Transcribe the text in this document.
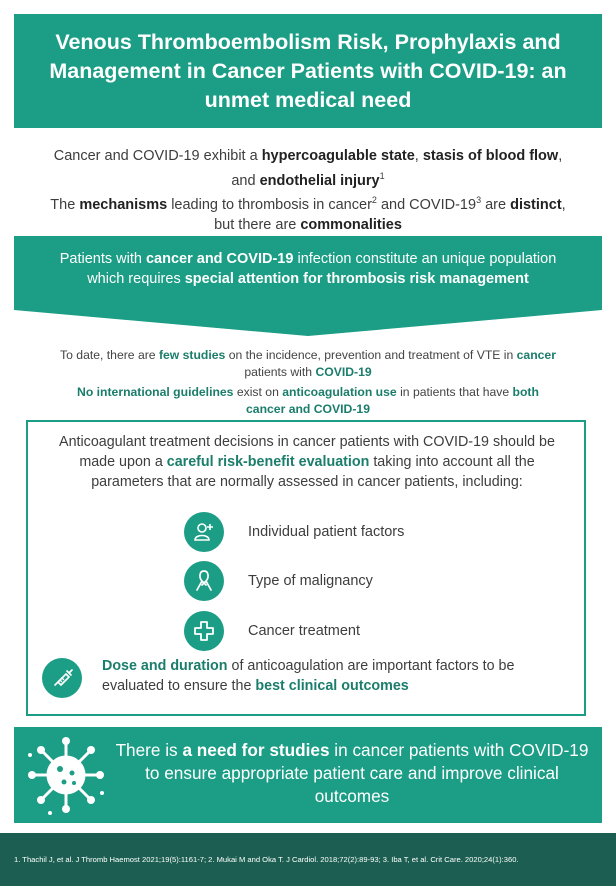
Venous Thromboembolism Risk, Prophylaxis and Management in Cancer Patients with COVID-19: an unmet medical need
Cancer and COVID-19 exhibit a hypercoagulable state, stasis of blood flow, and endothelial injury$^1$
The mechanisms leading to thrombosis in cancer$^2$ and COVID-$19^3$ are distinct, but there are commonalities
Patients with cancer and COVID-19 infection constitute an unique population which requires special attention for thrombosis risk management
To date, there are few studies on the incidence, prevention and treatment of VTE in cancer patients with COVID-19
No international guidelines exist on anticoagulation use in patients that have both cancer and COVID-19
Anticoagulant treatment decisions in cancer patients with COVID-19 should be made upon a careful risk-benefit evaluation taking into account all the parameters that are normally assessed in cancer patients, including:
Individual patient factors
Type of malignancy
Cancer treatment
Dose and duration of anticoagulation are important factors to be evaluated to ensure the best clinical outcomes
There is a need for studies in cancer patients with COVID-19 to ensure appropriate patient care and improve clinical outcomes
1. Thachil J, et al. J Thromb Haemost 2021;19(5):1161-7; 2. Mukai M and Oka T. J Cardiol. 2018;72(2):89-93; 3. Iba T, et al. Crit Care. 2020;24(1):360.
